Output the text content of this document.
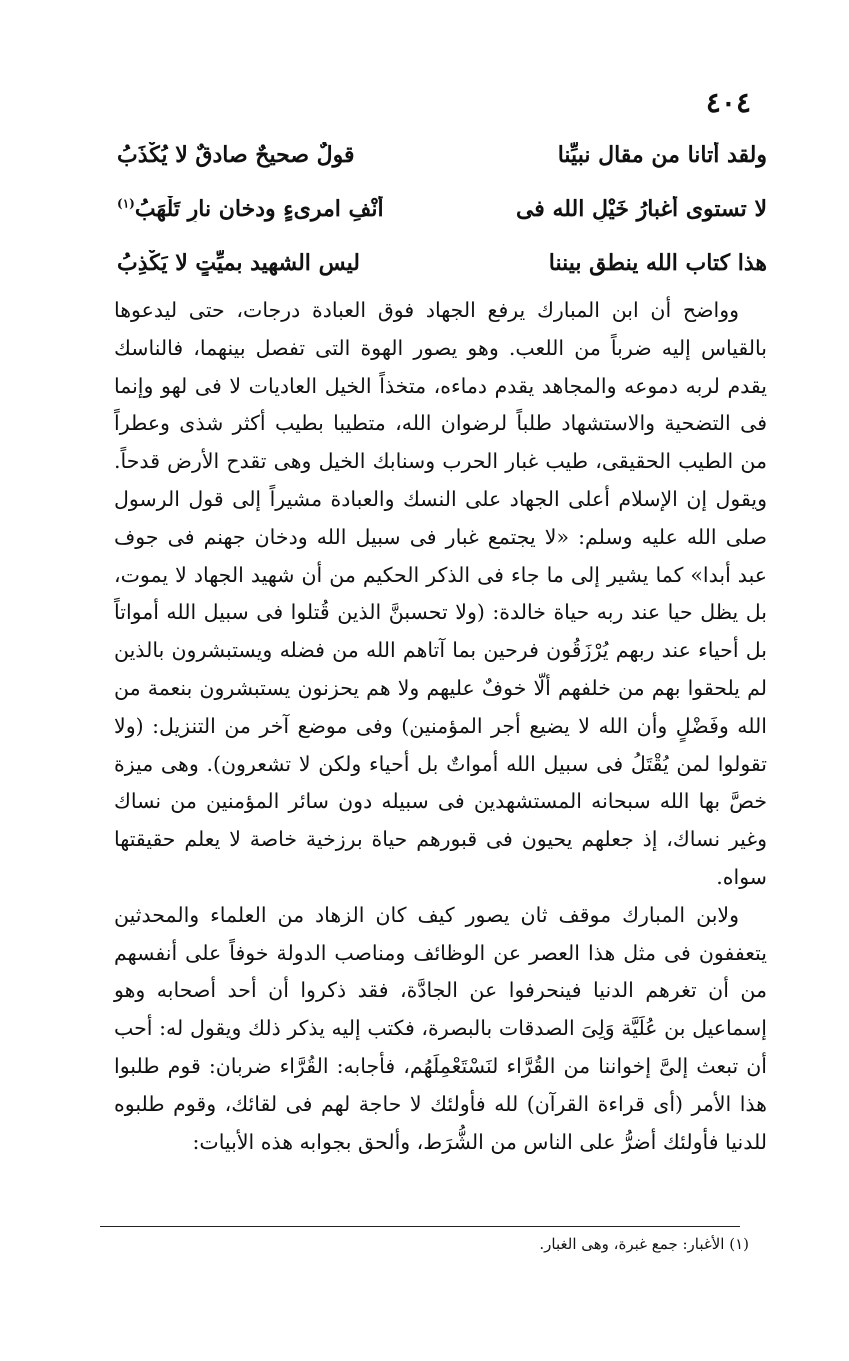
٤٠٤
ولقد أتانا من مقال نبيِّنا
قولٌ صحيحٌ صادقٌ لا يُكْذَبُ
لا تستوى أغبارُ خَيْلِ الله فى
أنْفِ امرىءٍ ودخان نارٍ تَلْهَبُ$^{(١)}$
هذا كتاب الله ينطق بيننا
ليس الشهيد بميِّتٍ لا يَكْذِبُ

وواضح أن ابن المبارك يرفع الجهاد فوق العبادة درجات، حتى ليدعوها بالقياس إليه ضرباً من اللعب. وهو يصور الهوة التى تفصل بينهما، فالناسك يقدم لربه دموعه والمجاهد يقدم دماءه، متخذاً الخيل العاديات لا فى لهو وإنما فى التضحية والاستشهاد طلباً لرضوان الله، متطيبا بطيب أكثر شذى وعطراً من الطيب الحقيقى، طيب غبار الحرب وسنابك الخيل وهى تقدح الأرض قدحاً. ويقول إن الإسلام أعلى الجهاد على النسك والعبادة مشيراً إلى قول الرسول صلى الله عليه وسلم: «لا يجتمع غبار فى سبيل الله ودخان جهنم فى جوف عبد أبدا» كما يشير إلى ما جاء فى الذكر الحكيم من أن شهيد الجهاد لا يموت، بل يظل حيا عند ربه حياة خالدة: (ولا تحسبنَّ الذين قُتلوا فى سبيل الله أمواتاً بل أحياء عند ربهم يُرْزَقُون فرحين بما آتاهم الله من فضله ويستبشرون بالذين لم يلحقوا بهم من خلفهم ألّا خوفٌ عليهم ولا هم يحزنون يستبشرون بنعمة من الله وفَضْلٍ وأن الله لا يضيع أجر المؤمنين) وفى موضع آخر من التنزيل: (ولا تقولوا لمن يُقْتَلُ فى سبيل الله أمواتٌ بل أحياء ولكن لا تشعرون). وهى ميزة خصَّ بها الله سبحانه المستشهدين فى سبيله دون سائر المؤمنين من نساك وغير نساك، إذ جعلهم يحيون فى قبورهم حياة برزخية خاصة لا يعلم حقيقتها سواه.

ولابن المبارك موقف ثان يصور كيف كان الزهاد من العلماء والمحدثين يتعففون فى مثل هذا العصر عن الوظائف ومناصب الدولة خوفاً على أنفسهم من أن تغرهم الدنيا فينحرفوا عن الجادَّة، فقد ذكروا أن أحد أصحابه وهو إسماعيل بن عُلَيَّة وَلِىَ الصدقات بالبصرة، فكتب إليه يذكر ذلك ويقول له: أحب أن تبعث إلىَّ إخواننا من القُرَّاء لنَسْتَعْمِلَهُم، فأجابه: القُرَّاء ضربان: قوم طلبوا هذا الأمر (أى قراءة القرآن) لله فأولئك لا حاجة لهم فى لقائك، وقوم طلبوه للدنيا فأولئك أضرُّ على الناس من الشُّرَط، وألحق بجوابه هذه الأبيات:

(١) الأغبار: جمع غبرة، وهى الغبار.
